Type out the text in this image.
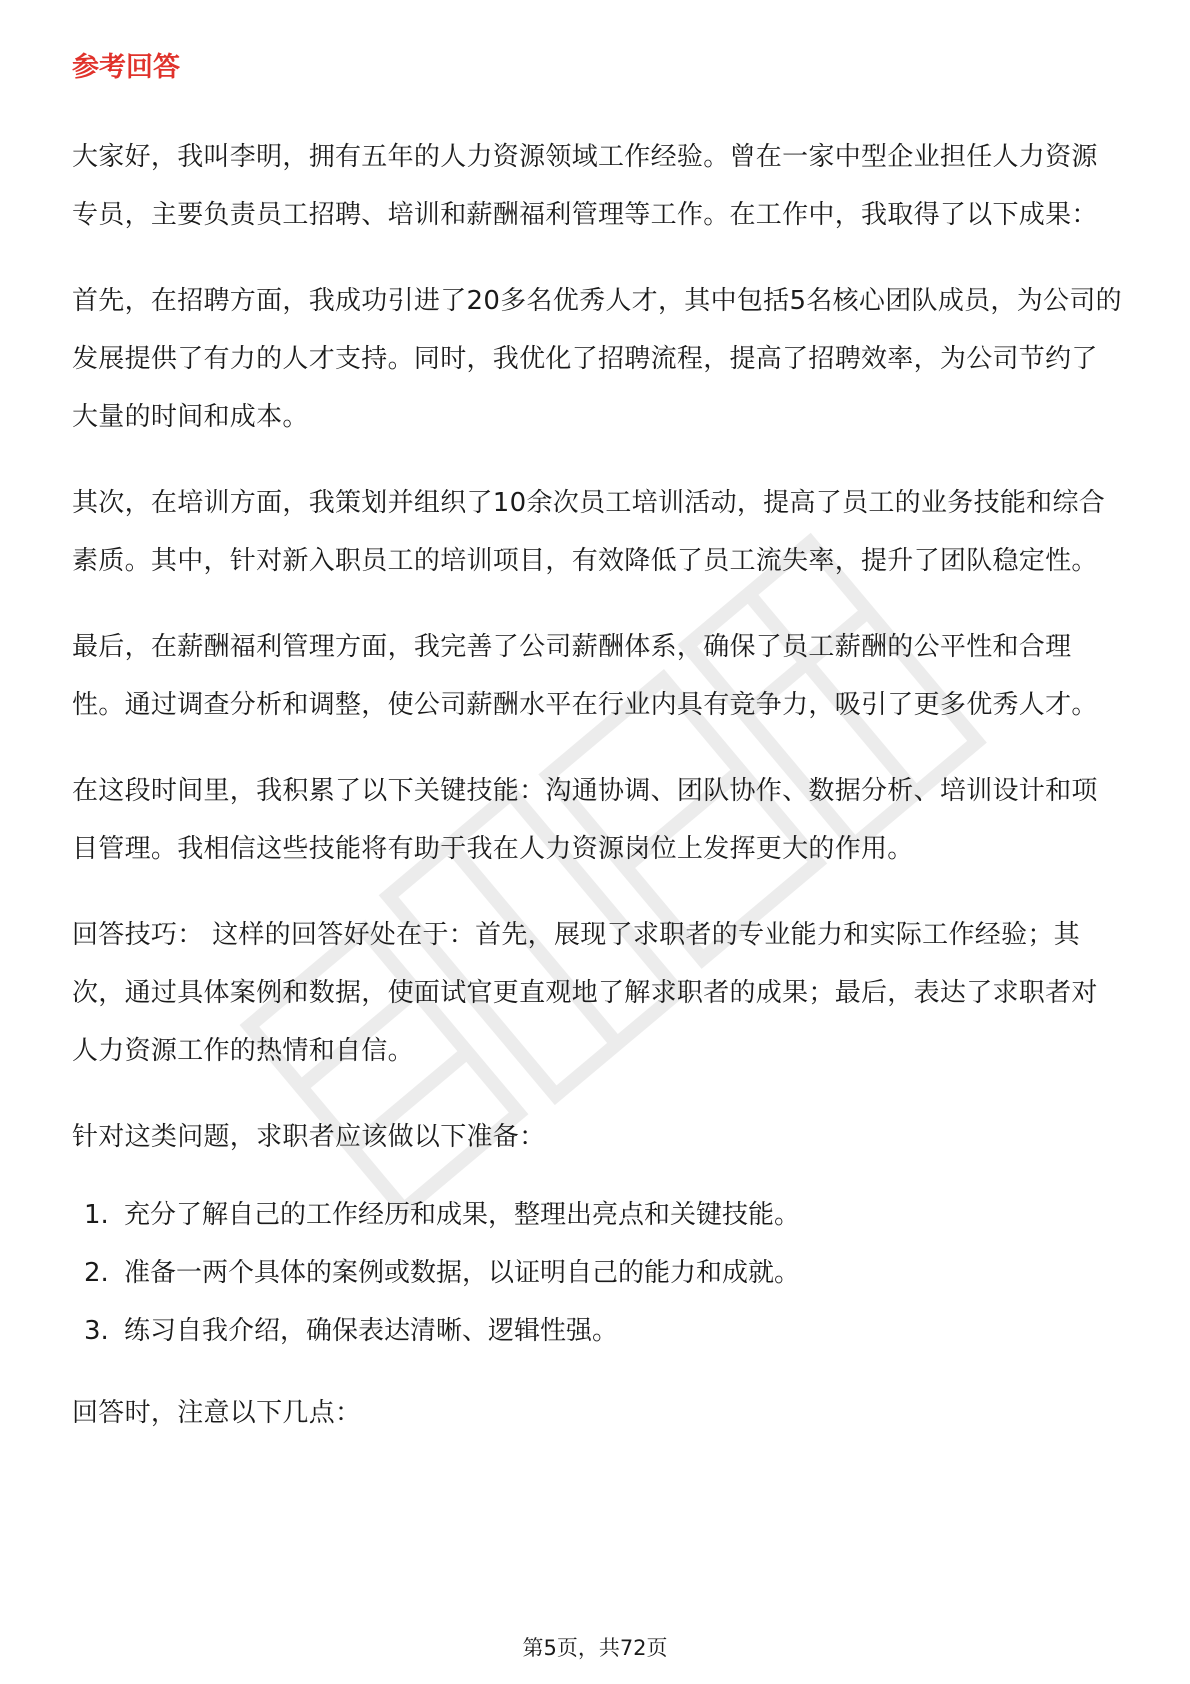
参考回答

大家好，我叫李明，拥有五年的人力资源领域工作经验。曾在一家中型企业担任人力资源专员，主要负责员工招聘、培训和薪酬福利管理等工作。在工作中，我取得了以下成果：

首先，在招聘方面，我成功引进了20多名优秀人才，其中包括5名核心团队成员，为公司的发展提供了有力的人才支持。同时，我优化了招聘流程，提高了招聘效率，为公司节约了大量的时间和成本。

其次，在培训方面，我策划并组织了10余次员工培训活动，提高了员工的业务技能和综合素质。其中，针对新入职员工的培训项目，有效降低了员工流失率，提升了团队稳定性。

最后，在薪酬福利管理方面，我完善了公司薪酬体系，确保了员工薪酬的公平性和合理性。通过调查分析和调整，使公司薪酬水平在行业内具有竞争力，吸引了更多优秀人才。

在这段时间里，我积累了以下关键技能：沟通协调、团队协作、数据分析、培训设计和项目管理。我相信这些技能将有助于我在人力资源岗位上发挥更大的作用。

回答技巧： 这样的回答好处在于：首先，展现了求职者的专业能力和实际工作经验；其次，通过具体案例和数据，使面试官更直观地了解求职者的成果；最后，表达了求职者对人力资源工作的热情和自信。

针对这类问题，求职者应该做以下准备：

1. 充分了解自己的工作经历和成果，整理出亮点和关键技能。
2. 准备一两个具体的案例或数据，以证明自己的能力和成就。
3. 练习自我介绍，确保表达清晰、逻辑性强。

回答时，注意以下几点：

第5页，共72页
